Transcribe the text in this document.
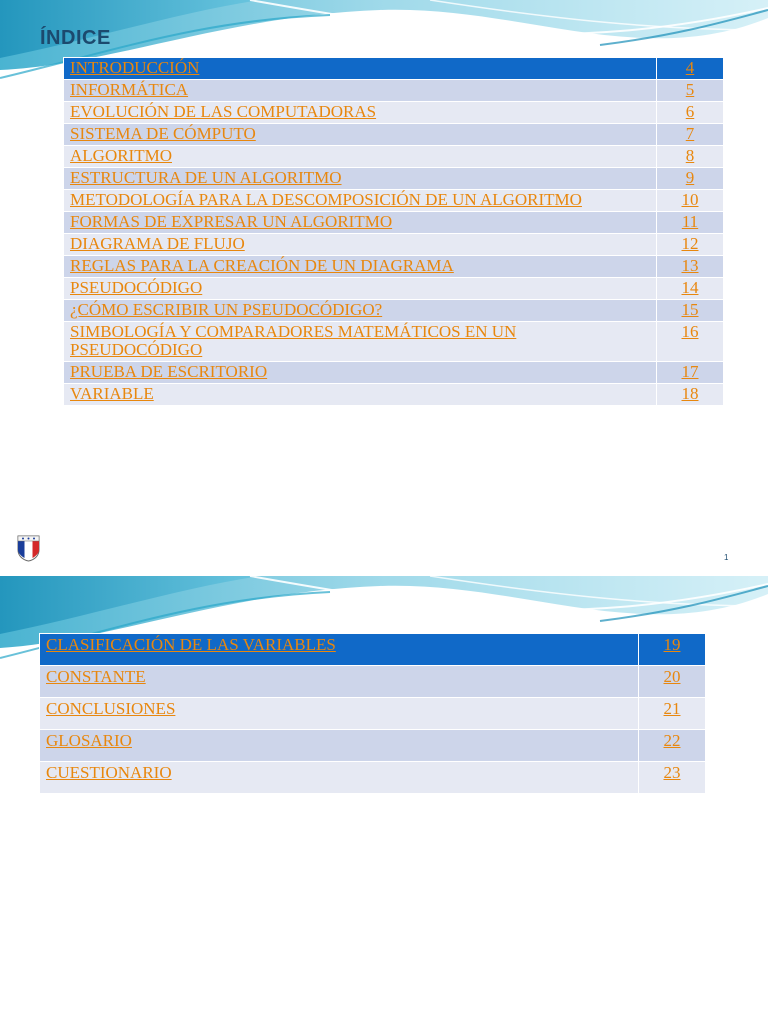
ÍNDICE
INTRODUCCIÓN	4
INFORMÁTICA	5
EVOLUCIÓN DE LAS COMPUTADORAS	6
SISTEMA DE CÓMPUTO	7
ALGORITMO	8
ESTRUCTURA DE UN ALGORITMO	9
METODOLOGÍA PARA LA DESCOMPOSICIÓN DE UN ALGORITMO	10
FORMAS DE EXPRESAR UN ALGORITMO	11
DIAGRAMA DE FLUJO	12
REGLAS PARA LA CREACIÓN DE UN DIAGRAMA	13
PSEUDOCÓDIGO	14
¿CÓMO ESCRIBIR UN PSEUDOCÓDIGO?	15
SIMBOLOGÍA Y COMPARADORES MATEMÁTICOS EN UN PSEUDOCÓDIGO	16
PRUEBA DE ESCRITORIO	17
VARIABLE	18
1
CLASIFICACIÓN DE LAS VARIABLES	19
CONSTANTE	20
CONCLUSIONES	21
GLOSARIO	22
CUESTIONARIO	23
